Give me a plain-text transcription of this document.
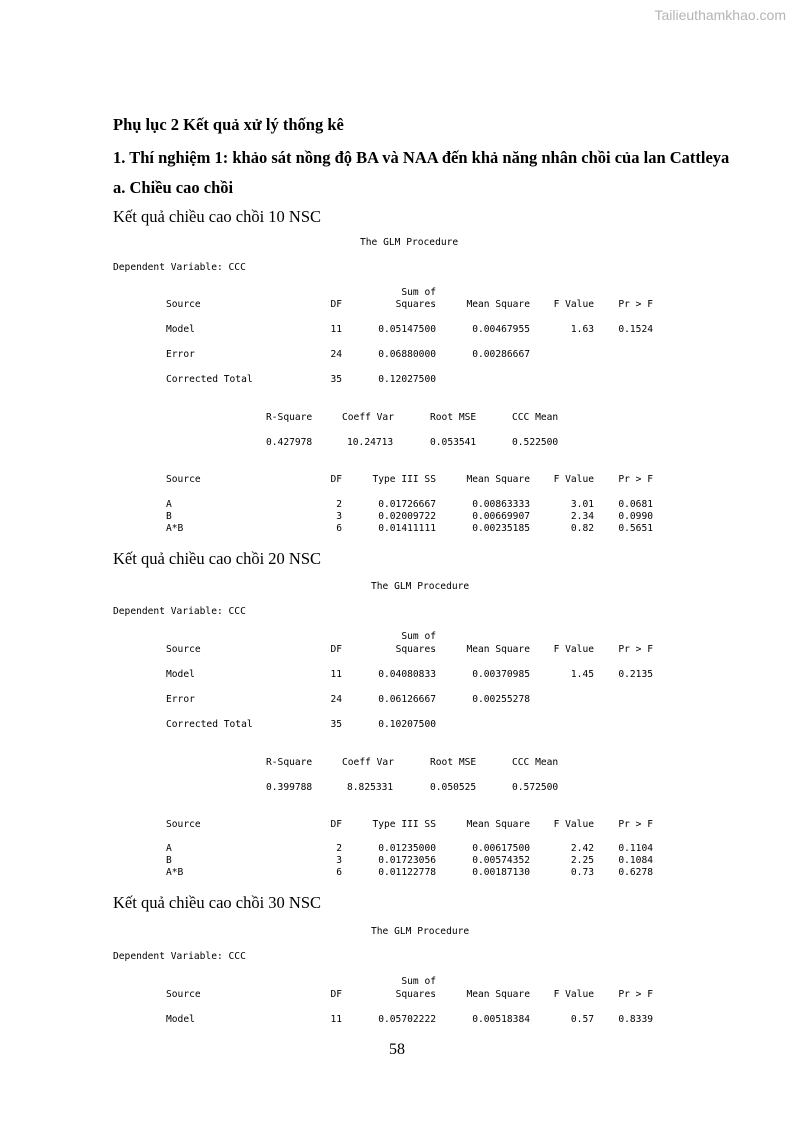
Tailieuthamkhao.com
Phụ lục 2 Kết quả xử lý thống kê
1. Thí nghiệm 1: khảo sát nồng độ BA và NAA đến khả năng nhân chồi của lan Cattleya
a. Chiều cao chồi
Kết quả chiều cao chồi 10 NSC
The GLM Procedure
Dependent Variable: CCC
Sum of
Source	DF	Squares	Mean Square	F Value	Pr > F
Model	11	0.05147500	0.00467955	1.63	0.1524
Error	24	0.06880000	0.00286667
Corrected Total	35	0.12027500
R-Square	Coeff Var	Root MSE	CCC Mean
0.427978	10.24713	0.053541	0.522500
Source	DF	Type III SS	Mean Square	F Value	Pr > F
A	2	0.01726667	0.00863333	3.01	0.0681
B	3	0.02009722	0.00669907	2.34	0.0990
A*B	6	0.01411111	0.00235185	0.82	0.5651
Kết quả chiều cao chồi 20 NSC
The GLM Procedure
Dependent Variable: CCC
Sum of
Source	DF	Squares	Mean Square	F Value	Pr > F
Model	11	0.04080833	0.00370985	1.45	0.2135
Error	24	0.06126667	0.00255278
Corrected Total	35	0.10207500
R-Square	Coeff Var	Root MSE	CCC Mean
0.399788	8.825331	0.050525	0.572500
Source	DF	Type III SS	Mean Square	F Value	Pr > F
A	2	0.01235000	0.00617500	2.42	0.1104
B	3	0.01723056	0.00574352	2.25	0.1084
A*B	6	0.01122778	0.00187130	0.73	0.6278
Kết quả chiều cao chồi 30 NSC
The GLM Procedure
Dependent Variable: CCC
Sum of
Source	DF	Squares	Mean Square	F Value	Pr > F
Model	11	0.05702222	0.00518384	0.57	0.8339
58
